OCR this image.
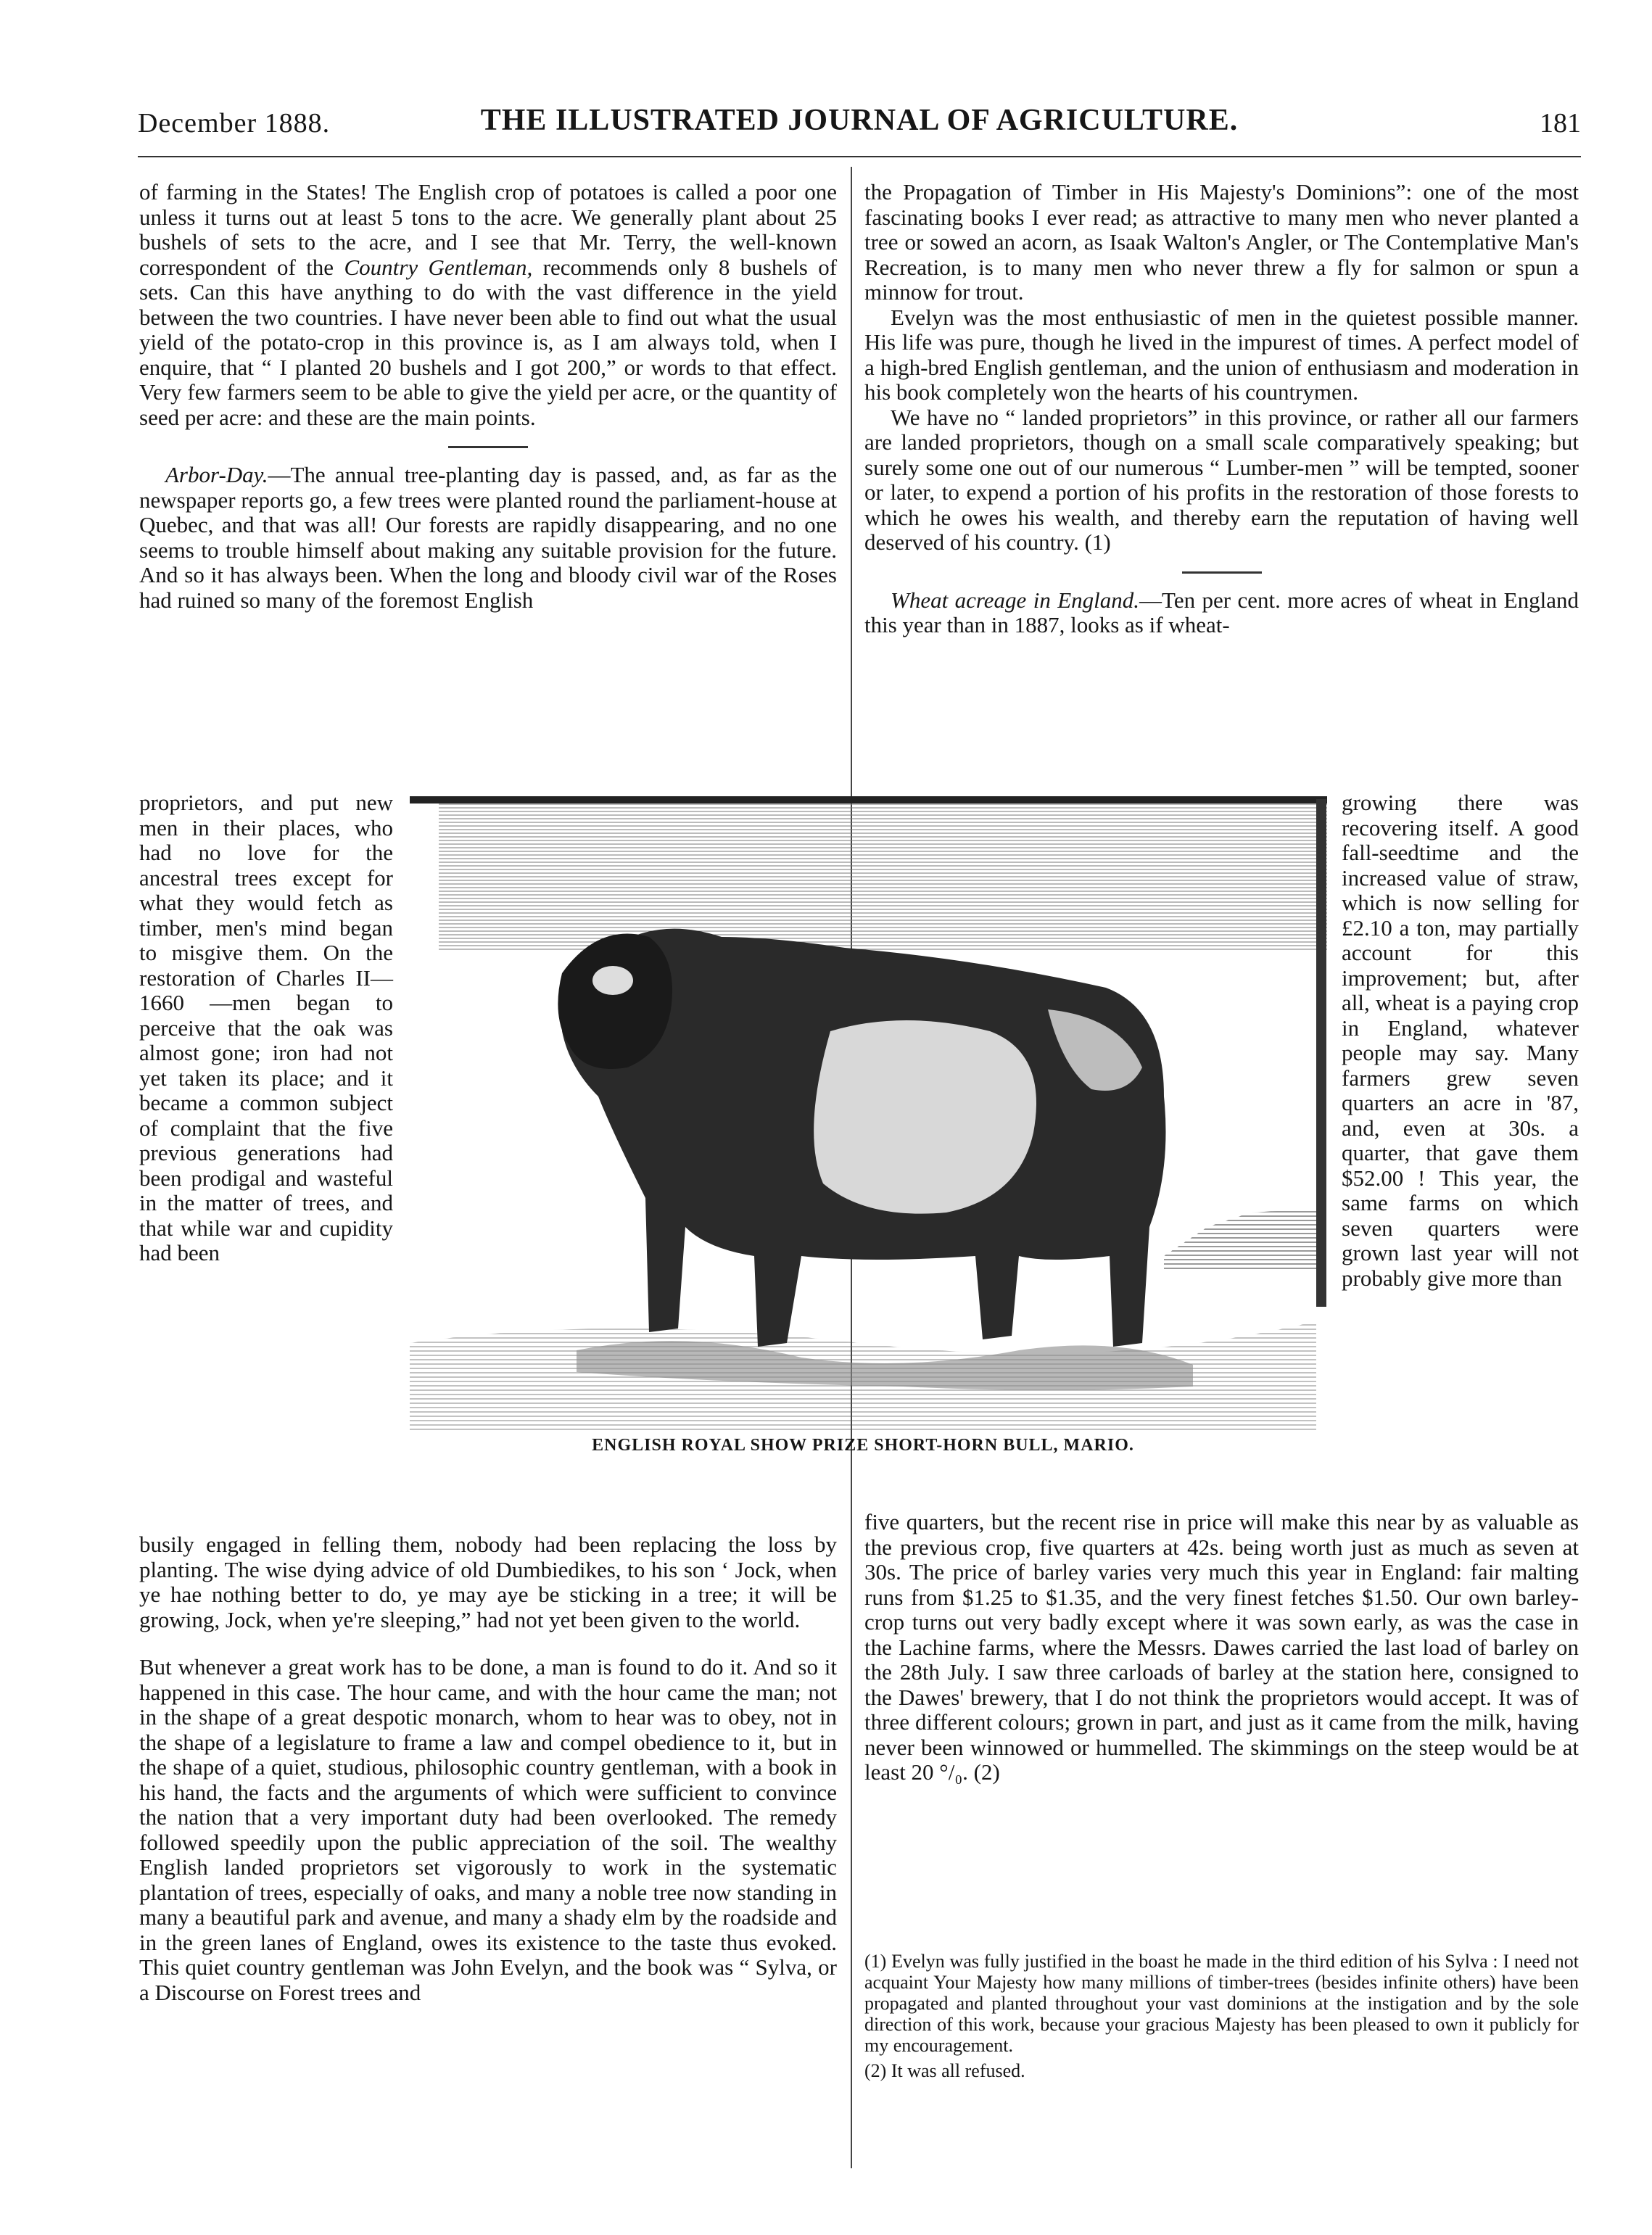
December 1888.	THE ILLUSTRATED JOURNAL OF AGRICULTURE.	181

of farming in the States! The English crop of potatoes is called a poor one unless it turns out at least 5 tons to the acre. We generally plant about 25 bushels of sets to the acre, and I see that Mr. Terry, the well-known correspondent of the Country Gentleman, recommends only 8 bushels of sets. Can this have anything to do with the vast difference in the yield between the two countries. I have never been able to find out what the usual yield of the potato-crop in this province is, as I am always told, when I enquire, that “ I planted 20 bushels and I got 200,” or words to that effect. Very few farmers seem to be able to give the yield per acre, or the quantity of seed per acre: and these are the main points.

Arbor-Day.—The annual tree-planting day is passed, and, as far as the newspaper reports go, a few trees were planted round the parliament-house at Quebec, and that was all! Our forests are rapidly disappearing, and no one seems to trouble himself about making any suitable provision for the future. And so it has always been. When the long and bloody civil war of the Roses had ruined so many of the foremost English

proprietors, and put new men in their places, who had no love for the ancestral trees except for what they would fetch as timber, men's mind began to misgive them. On the restoration of Charles II—1660 —men began to perceive that the oak was almost gone; iron had not yet taken its place; and it became a common subject of complaint that the five previous generations had been prodigal and wasteful in the matter of trees, and that while war and cupidity had been
ENGLISH ROYAL SHOW PRIZE SHORT-HORN BULL, MARIO.

busily engaged in felling them, nobody had been replacing the loss by planting. The wise dying advice of old Dumbiedikes, to his son ‘ Jock, when ye hae nothing better to do, ye may aye be sticking in a tree; it will be growing, Jock, when ye're sleeping,” had not yet been given to the world.

But whenever a great work has to be done, a man is found to do it. And so it happened in this case. The hour came, and with the hour came the man; not in the shape of a great despotic monarch, whom to hear was to obey, not in the shape of a legislature to frame a law and compel obedience to it, but in the shape of a quiet, studious, philosophic country gentleman, with a book in his hand, the facts and the arguments of which were sufficient to convince the nation that a very important duty had been overlooked. The remedy followed speedily upon the public appreciation of the soil. The wealthy English landed proprietors set vigorously to work in the systematic plantation of trees, especially of oaks, and many a noble tree now standing in many a beautiful park and avenue, and many a shady elm by the roadside and in the green lanes of England, owes its existence to the taste thus evoked. This quiet country gentleman was John Evelyn, and the book was “ Sylva, or a Discourse on Forest trees and

the Propagation of Timber in His Majesty's Dominions”: one of the most fascinating books I ever read; as attractive to many men who never planted a tree or sowed an acorn, as Isaak Walton's Angler, or The Contemplative Man's Recreation, is to many men who never threw a fly for salmon or spun a minnow for trout.

Evelyn was the most enthusiastic of men in the quietest possible manner. His life was pure, though he lived in the impurest of times. A perfect model of a high-bred English gentleman, and the union of enthusiasm and moderation in his book completely won the hearts of his countrymen.

We have no “ landed proprietors” in this province, or rather all our farmers are landed proprietors, though on a small scale comparatively speaking; but surely some one out of our numerous “ Lumber-men ” will be tempted, sooner or later, to expend a portion of his profits in the restoration of those forests to which he owes his wealth, and thereby earn the reputation of having well deserved of his country. (1)

Wheat acreage in England.—Ten per cent. more acres of wheat in England this year than in 1887, looks as if wheat-

growing there was recovering itself. A good fall-seedtime and the increased value of straw, which is now selling for £2.10 a ton, may partially account for this improvement; but, after all, wheat is a paying crop in England, whatever people may say. Many farmers grew seven quarters an acre in '87, and, even at 30s. a quarter, that gave them $52.00 ! This year, the same farms on which seven quarters were grown last year will not probably give more than
five quarters, but the recent rise in price will make this near by as valuable as the previous crop, five quarters at 42s. being worth just as much as seven at 30s. The price of barley varies very much this year in England: fair malting runs from $1.25 to $1.35, and the very finest fetches $1.50. Our own barley-crop turns out very badly except where it was sown early, as was the case in the Lachine farms, where the Messrs. Dawes carried the last load of barley on the 28th July. I saw three carloads of barley at the station here, consigned to the Dawes' brewery, that I do not think the proprietors would accept. It was of three different colours; grown in part, and just as it came from the milk, having never been winnowed or hummelled. The skimmings on the steep would be at least 20 °/₀. (2)

(1) Evelyn was fully justified in the boast he made in the third edition of his Sylva : I need not acquaint Your Majesty how many millions of timber-trees (besides infinite others) have been propagated and planted throughout your vast dominions at the instigation and by the sole direction of this work, because your gracious Majesty has been pleased to own it publicly for my encouragement.

(2) It was all refused.
